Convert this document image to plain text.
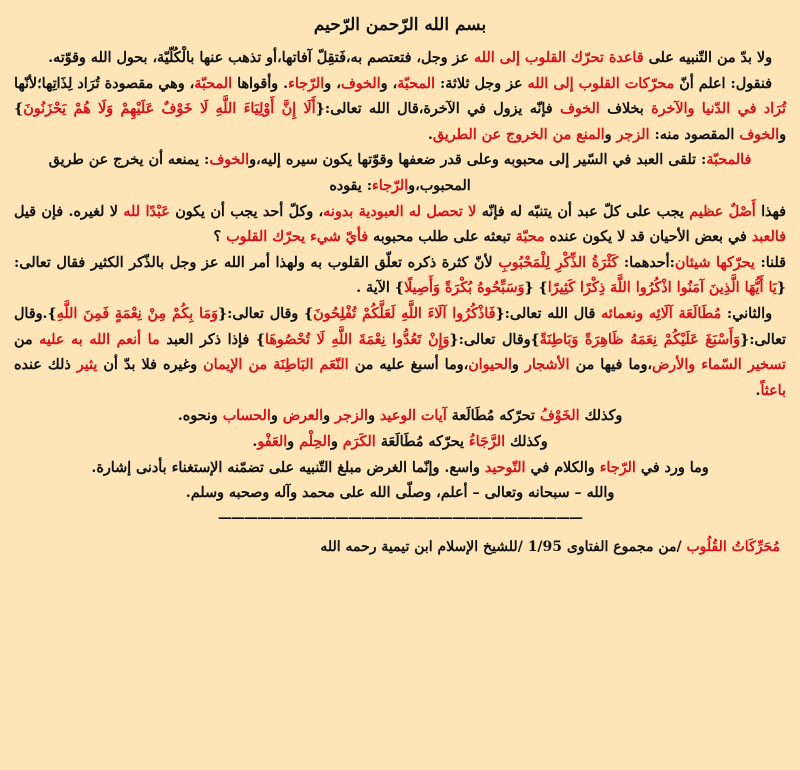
بسم الله الرّحمن الرّحيم

ولا بدّ من التّنبيه على قاعدة تحرّك القلوب إلى الله عز وجل، فتعتصم به،فَتقِلّ آفاتها،أو تذهب عنها بالْكُلّيّة، بحول الله وقوّته.

فنقول: اعلم أنّ محرّكات القلوب إلى الله عز وجل ثلاثة: المحبّة، والخوف، والرّجاء. وأقواها المحبّة، وهي مقصودة تُرَاد لِذَاتِها؛لأنّها تُرَاد في الدّنيا والآخرة بخلاف الخوف فإنّه يزول في الآخرة،قال الله تعالى:{أَلَا إِنَّ أَوْلِيَاءَ اللَّهِ لَا خَوْفٌ عَلَيْهِمْ وَلَا هُمْ يَحْزَنُونَ} والخوف المقصود منه: الزجر والمنع من الخروج عن الطريق.

فالمحبّة: تلقى العبد في السّير إلى محبوبه وعلى قدر ضعفها وقوّتها يكون سيره إليه،والخوف: يمنعه أن يخرج عن طريق المحبوب،والرّجاء: يقوده

فهذا أَصْلٌ عظيم يجب على كلّ عبد أن يتنبّه له فإنّه لا تحصل له العبودية بدونه، وكلّ أحد يجب أن يكون عَبْدًا لله لا لغيره. فإن قيل فالعبد في بعض الأحيان قد لا يكون عنده محبّة تبعثه على طلب محبوبه فأيّ شيء يحرّك القلوب ؟

قلنا: يحرّكها شيئان:أحدهما: كَثْرَةُ الذِّكْرِ لِلْمَحْبُوبِ لأنّ كثرة ذكره تعلّق القلوب به ولهذا أمر الله عز وجل بالذّكر الكثير فقال تعالى:{يَا أَيُّهَا الَّذِينَ آمَنُوا اذْكُرُوا اللَّهَ ذِكْرًا كَثِيرًا} {وَسَبِّحُوهُ بُكْرَةً وَأَصِيلًا} الآية .

والثاني: مُطَالَعَة آلَائِه ونعمائه قال الله تعالى:{فَاذْكُرُوا آلَاءَ اللَّهِ لَعَلَّكُمْ تُفْلِحُونَ} وقال تعالى:{وَمَا بِكُمْ مِنْ نِعْمَةٍ فَمِنَ اللَّهِ}.وقال تعالى:{وَأَسْبَغَ عَلَيْكُمْ نِعَمَهُ ظَاهِرَةً وَبَاطِنَةً}وقال تعالى:{وَإِنْ تَعُدُّوا نِعْمَةَ اللَّهِ لَا تُحْصُوهَا} فإذا ذكر العبد ما أنعم الله به عليه من تسخير السّماء والأرض،وما فيها من الأشجار والحيوان،وما أسبغ عليه من النّعَم البَاطِنَة من الإيمان وغيره فلا بدّ أن يثير ذلك عنده باعثاً.

وكذلك الخَوْفُ تحرّكه مُطَالَعة آيات الوعيد والزجر والعرض والحساب ونحوه.

وكذلك الرَّجَاءُ يحرّكه مُطَالَعَة الكَرَم والحِلْم والعَفْو.

وما ورد في الرّجاء والكلام في التّوحيد واسع. وإنّما الغرض مبلغ التّنبيه على تضمّنه الإستغناء بأدنى إشارة.

والله – سبحانه وتعالى – أعلم، وصلّى الله على محمد وآله وصحبه وسلم.

————————————————————————————
مُحَرِّكَاتُ القُلُوب /من مجموع الفتاوى 1/95 /للشيخ الإسلام ابن تيمية رحمه الله
